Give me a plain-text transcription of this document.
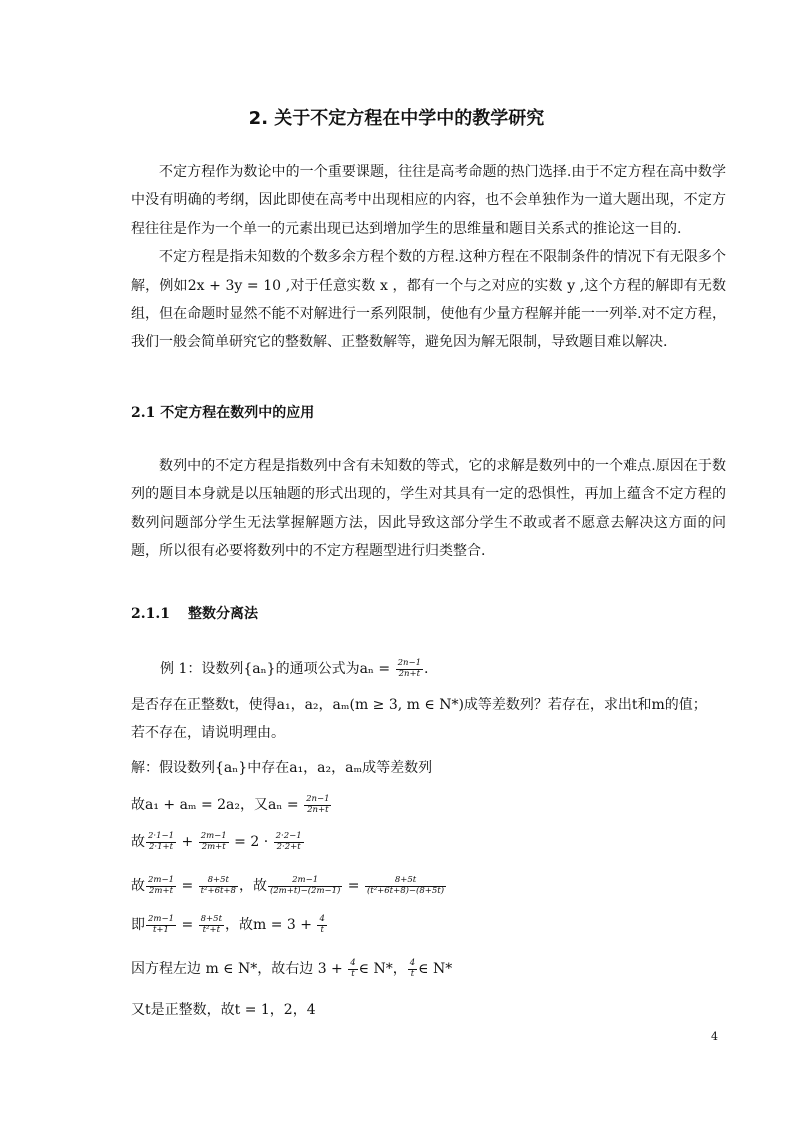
2. 关于不定方程在中学中的教学研究

不定方程作为数论中的一个重要课题，往往是高考命题的热门选择.由于不定方程在高中数学中没有明确的考纲，因此即使在高考中出现相应的内容，也不会单独作为一道大题出现，不定方程往往是作为一个单一的元素出现已达到增加学生的思维量和题目关系式的推论这一目的.

不定方程是指未知数的个数多余方程个数的方程.这种方程在不限制条件的情况下有无限多个解，例如2x + 3y = 10 ,对于任意实数 x ，都有一个与之对应的实数 y ,这个方程的解即有无数组，但在命题时显然不能不对解进行一系列限制，使他有少量方程解并能一一列举.对不定方程，我们一般会简单研究它的整数解、正整数解等，避免因为解无限制，导致题目难以解决.

2.1 不定方程在数列中的应用

数列中的不定方程是指数列中含有未知数的等式，它的求解是数列中的一个难点.原因在于数列的题目本身就是以压轴题的形式出现的，学生对其具有一定的恐惧性，再加上蕴含不定方程的数列问题部分学生无法掌握解题方法，因此导致这部分学生不敢或者不愿意去解决这方面的问题，所以很有必要将数列中的不定方程题型进行归类整合.

2.1.1 整数分离法
例 1：设数列{aₙ}的通项公式为$a_n = \frac{2n-1}{2n+t}$ .
是否存在正整数t，使得a₁，a₂，aₘ(m ≥ 3, m ∈ N*)成等差数列？若存在，求出t和m的值；
若不存在，请说明理由。
解：假设数列{aₙ}中存在a₁，a₂，aₘ成等差数列
故a₁ + aₘ = 2a₂，又$a_n = \frac{2n-1}{2n+t}$
故 $\frac{2\cdot 1-1}{2\cdot 1+t} + \frac{2m-1}{2m+t} = 2 \cdot \frac{2\cdot 2-1}{2\cdot 2+t}$
故 $\frac{2m-1}{2m+t} = \frac{8+5t}{\text{t²+6t+8}}$ ，故 $\frac{2m-1}{(2m+t)-(2m-1)} = \frac{8+5t}{\text{(t²+6t+8)−(8+5t)}}$
即 $\frac{2m-1}{t+1} = \frac{8+5t}{\text{t²+t}}$ ，故$m = 3 + \frac{4}{t}$
因方程左边 m ∈ N*，故右边 $3 + \frac{4}{t}$ ∈ N*， $\frac{4}{t}$ ∈ N*
又t是正整数，故t = 1，2，4
4
